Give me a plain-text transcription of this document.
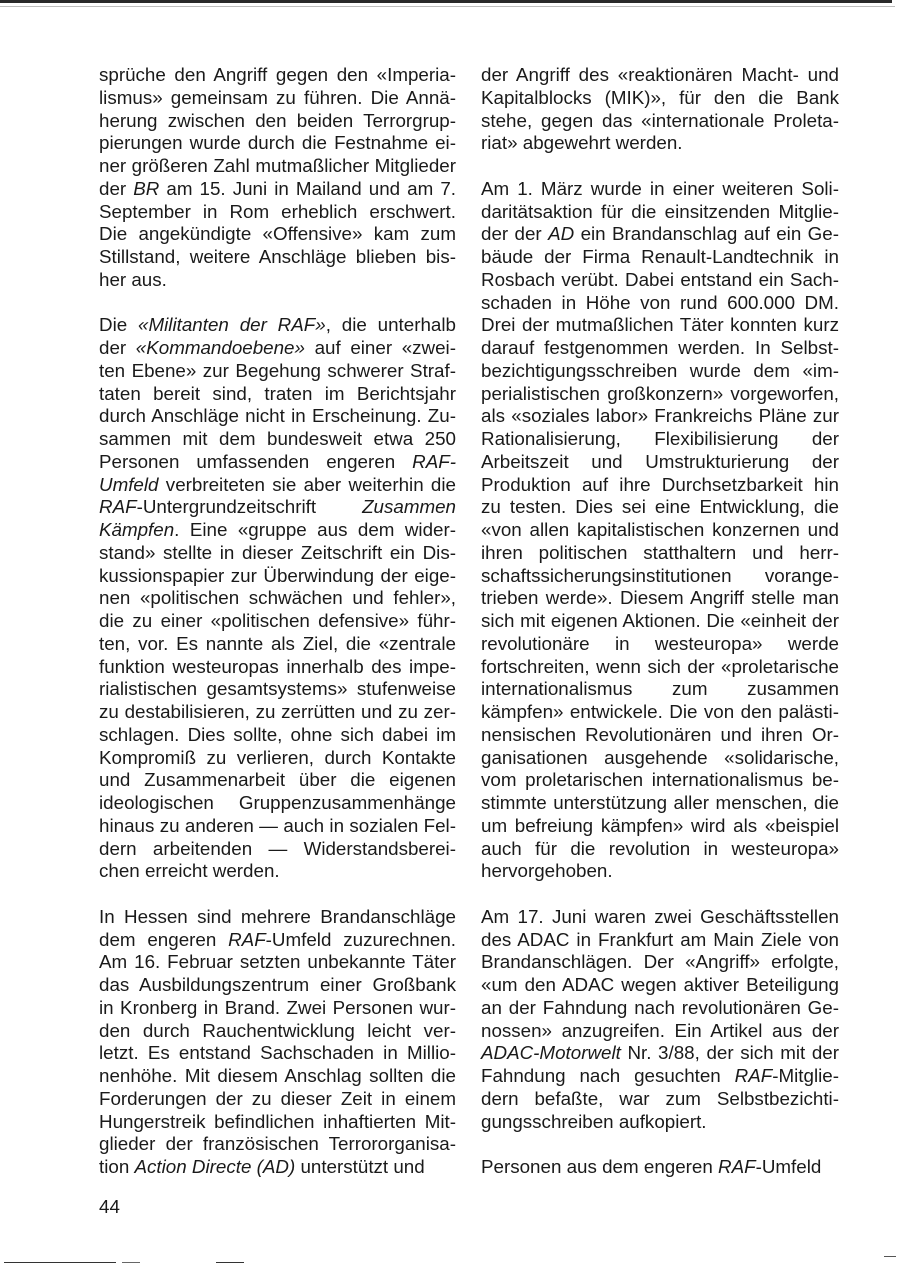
sprüche den Angriff gegen den «Imperialismus» gemeinsam zu führen. Die Annäherung zwischen den beiden Terrorgruppierungen wurde durch die Festnahme einer größeren Zahl mutmaßlicher Mitglieder der BR am 15. Juni in Mailand und am 7. September in Rom erheblich erschwert. Die angekündigte «Offensive» kam zum Stillstand, weitere Anschläge blieben bisher aus.

Die «Militanten der RAF», die unterhalb der «Kommandoebene» auf einer «zweiten Ebene» zur Begehung schwerer Straftaten bereit sind, traten im Berichtsjahr durch Anschläge nicht in Erscheinung. Zusammen mit dem bundesweit etwa 250 Personen umfassenden engeren RAF-Umfeld verbreiteten sie aber weiterhin die RAF-Untergrundzeitschrift Zusammen Kämpfen. Eine «gruppe aus dem widerstand» stellte in dieser Zeitschrift ein Diskussionspapier zur Überwindung der eigenen «politischen schwächen und fehler», die zu einer «politischen defensive» führten, vor. Es nannte als Ziel, die «zentrale funktion westeuropas innerhalb des imperialistischen gesamtsystems» stufenweise zu destabilisieren, zu zerrütten und zu zerschlagen. Dies sollte, ohne sich dabei im Kompromiß zu verlieren, durch Kontakte und Zusammenarbeit über die eigenen ideologischen Gruppenzusammenhänge hinaus zu anderen — auch in sozialen Feldern arbeitenden — Widerstandsbereichen erreicht werden.

In Hessen sind mehrere Brandanschläge dem engeren RAF-Umfeld zuzurechnen. Am 16. Februar setzten unbekannte Täter das Ausbildungszentrum einer Großbank in Kronberg in Brand. Zwei Personen wurden durch Rauchentwicklung leicht verletzt. Es entstand Sachschaden in Millionenhöhe. Mit diesem Anschlag sollten die Forderungen der zu dieser Zeit in einem Hungerstreik befindlichen inhaftierten Mitglieder der französischen Terrororganisation Action Directe (AD) unterstützt und

der Angriff des «reaktionären Macht- und Kapitalblocks (MIK)», für den die Bank stehe, gegen das «internationale Proletariat» abgewehrt werden.

Am 1. März wurde in einer weiteren Solidaritätsaktion für die einsitzenden Mitglieder der AD ein Brandanschlag auf ein Gebäude der Firma Renault-Landtechnik in Rosbach verübt. Dabei entstand ein Sachschaden in Höhe von rund 600.000 DM. Drei der mutmaßlichen Täter konnten kurz darauf festgenommen werden. In Selbstbezichtigungsschreiben wurde dem «imperialistischen großkonzern» vorgeworfen, als «soziales labor» Frankreichs Pläne zur Rationalisierung, Flexibilisierung der Arbeitszeit und Umstrukturierung der Produktion auf ihre Durchsetzbarkeit hin zu testen. Dies sei eine Entwicklung, die «von allen kapitalistischen konzernen und ihren politischen statthaltern und herrschaftssicherungsinstitutionen vorangetrieben werde». Diesem Angriff stelle man sich mit eigenen Aktionen. Die «einheit der revolutionäre in westeuropa» werde fortschreiten, wenn sich der «proletarische internationalismus zum zusammen kämpfen» entwickele. Die von den palästinensischen Revolutionären und ihren Organisationen ausgehende «solidarische, vom proletarischen internationalismus bestimmte unterstützung aller menschen, die um befreiung kämpfen» wird als «beispiel auch für die revolution in westeuropa» hervorgehoben.

Am 17. Juni waren zwei Geschäftsstellen des ADAC in Frankfurt am Main Ziele von Brandanschlägen. Der «Angriff» erfolgte, «um den ADAC wegen aktiver Beteiligung an der Fahndung nach revolutionären Genossen» anzugreifen. Ein Artikel aus der ADAC-Motorwelt Nr. 3/88, der sich mit der Fahndung nach gesuchten RAF-Mitgliedern befaßte, war zum Selbstbezichtigungsschreiben aufkopiert.

Personen aus dem engeren RAF-Umfeld

44
